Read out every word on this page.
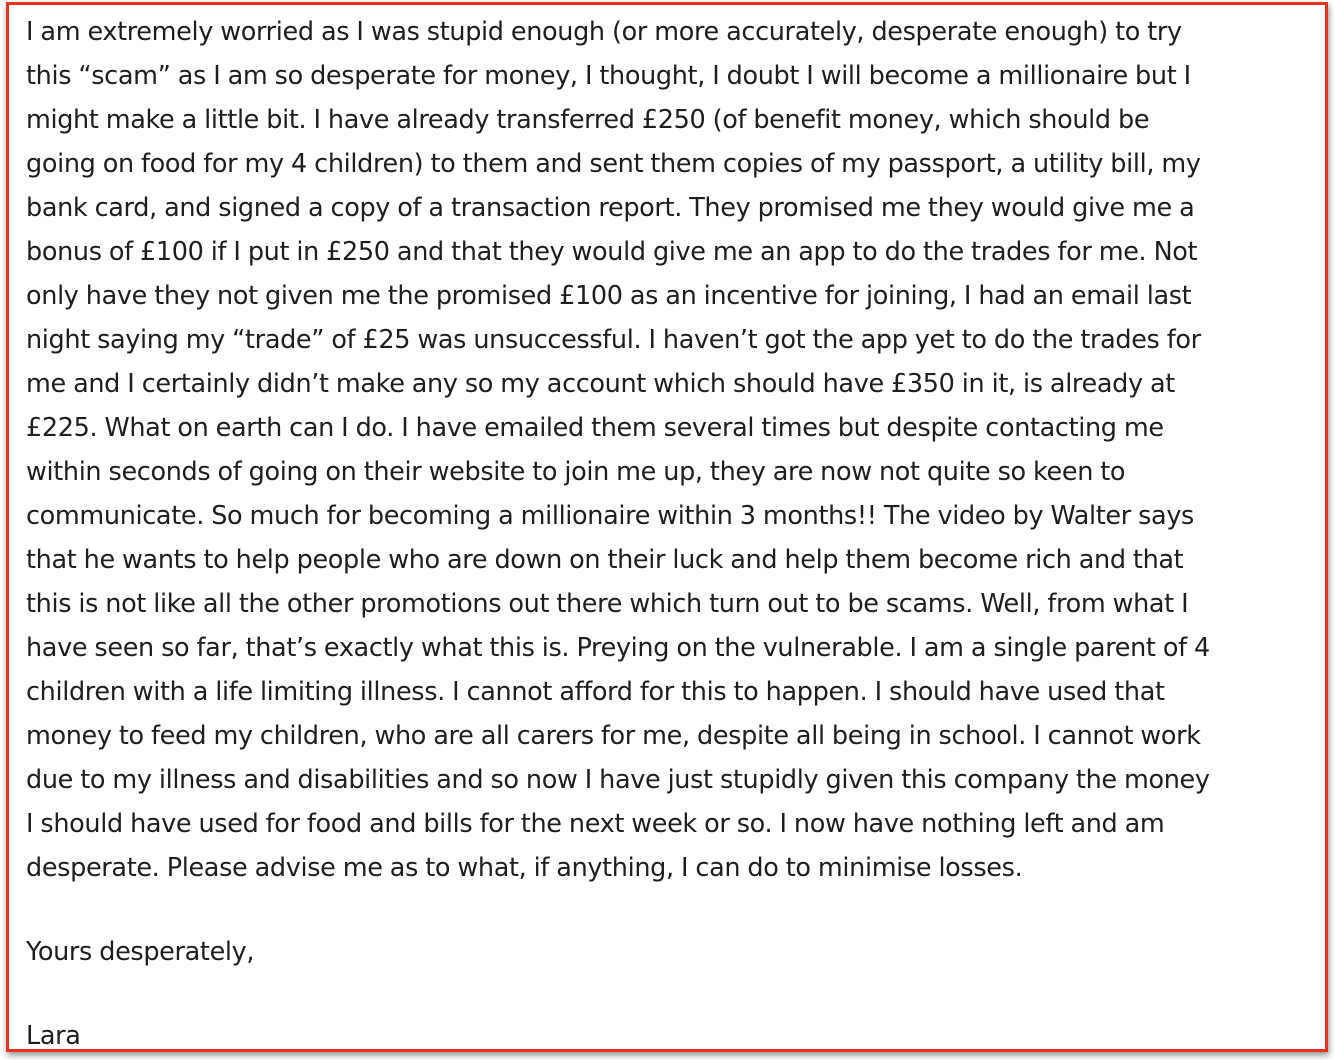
I am extremely worried as I was stupid enough (or more accurately, desperate enough) to try

this “scam” as I am so desperate for money, I thought, I doubt I will become a millionaire but I

might make a little bit. I have already transferred £250 (of benefit money, which should be

going on food for my 4 children) to them and sent them copies of my passport, a utility bill, my

bank card, and signed a copy of a transaction report. They promised me they would give me a

bonus of £100 if I put in £250 and that they would give me an app to do the trades for me. Not

only have they not given me the promised £100 as an incentive for joining, I had an email last

night saying my “trade” of £25 was unsuccessful. I haven’t got the app yet to do the trades for

me and I certainly didn’t make any so my account which should have £350 in it, is already at

£225. What on earth can I do. I have emailed them several times but despite contacting me

within seconds of going on their website to join me up, they are now not quite so keen to

communicate. So much for becoming a millionaire within 3 months!! The video by Walter says

that he wants to help people who are down on their luck and help them become rich and that

this is not like all the other promotions out there which turn out to be scams. Well, from what I

have seen so far, that’s exactly what this is. Preying on the vulnerable. I am a single parent of 4

children with a life limiting illness. I cannot afford for this to happen. I should have used that

money to feed my children, who are all carers for me, despite all being in school. I cannot work

due to my illness and disabilities and so now I have just stupidly given this company the money

I should have used for food and bills for the next week or so. I now have nothing left and am

desperate. Please advise me as to what, if anything, I can do to minimise losses.

Yours desperately,

Lara
